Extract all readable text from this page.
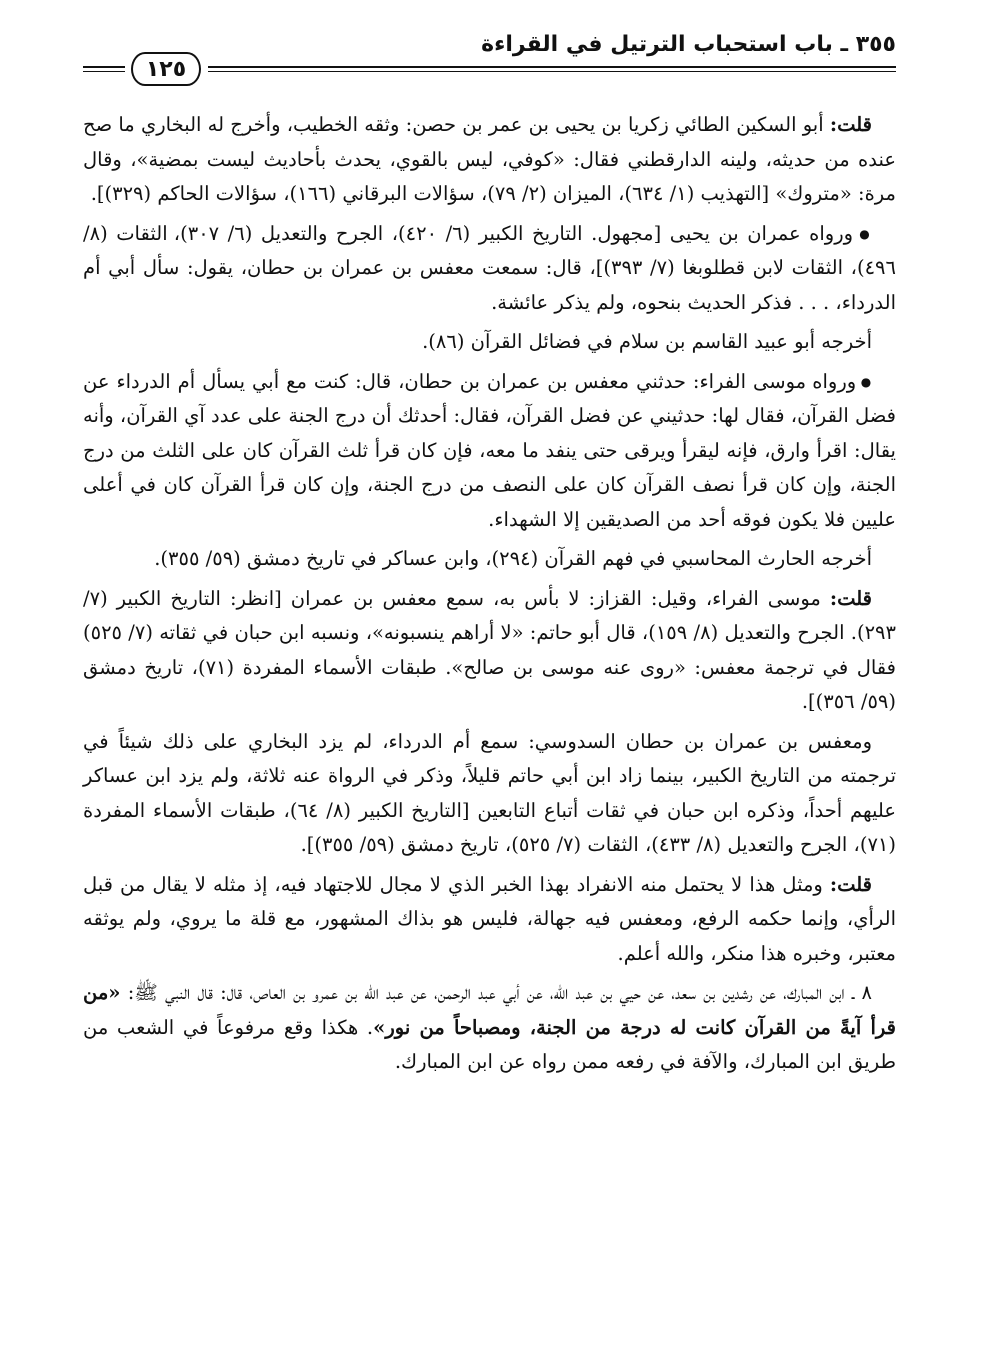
٣٥٥ ـ باب استحباب الترتيل في القراءة
١٢٥

قلت: أبو السكين الطائي زكريا بن يحيى بن عمر بن حصن: وثقه الخطيب، وأخرج له البخاري ما صح عنده من حديثه، ولينه الدارقطني فقال: «كوفي، ليس بالقوي، يحدث بأحاديث ليست بمضية»، وقال مرة: «متروك» [التهذيب (١/ ٦٣٤)، الميزان (٢/ ٧٩)، سؤالات البرقاني (١٦٦)، سؤالات الحاكم (٣٢٩)].

● ورواه عمران بن يحيى [مجهول. التاريخ الكبير (٦/ ٤٢٠)، الجرح والتعديل (٦/ ٣٠٧)، الثقات (٨/ ٤٩٦)، الثقات لابن قطلوبغا (٧/ ٣٩٣)]، قال: سمعت معفس بن عمران بن حطان، يقول: سأل أبي أم الدرداء، . . . فذكر الحديث بنحوه، ولم يذكر عائشة.

أخرجه أبو عبيد القاسم بن سلام في فضائل القرآن (٨٦).

● ورواه موسى الفراء: حدثني معفس بن عمران بن حطان، قال: كنت مع أبي يسأل أم الدرداء عن فضل القرآن، فقال لها: حدثيني عن فضل القرآن، فقال: أحدثك أن درج الجنة على عدد آي القرآن، وأنه يقال: اقرأ وارق، فإنه ليقرأ ويرقى حتى ينفد ما معه، فإن كان قرأ ثلث القرآن كان على الثلث من درج الجنة، وإن كان قرأ نصف القرآن كان على النصف من درج الجنة، وإن كان قرأ القرآن كان في أعلى عليين فلا يكون فوقه أحد من الصديقين إلا الشهداء.

أخرجه الحارث المحاسبي في فهم القرآن (٢٩٤)، وابن عساكر في تاريخ دمشق (٥٩/ ٣٥٥).

قلت: موسى الفراء، وقيل: القزاز: لا بأس به، سمع معفس بن عمران [انظر: التاريخ الكبير (٧/ ٢٩٣). الجرح والتعديل (٨/ ١٥٩)، قال أبو حاتم: «لا أراهم ينسبونه»، ونسبه ابن حبان في ثقاته (٧/ ٥٢٥) فقال في ترجمة معفس: «روى عنه موسى بن صالح». طبقات الأسماء المفردة (٧١)، تاريخ دمشق (٥٩/ ٣٥٦)].

ومعفس بن عمران بن حطان السدوسي: سمع أم الدرداء، لم يزد البخاري على ذلك شيئاً في ترجمته من التاريخ الكبير، بينما زاد ابن أبي حاتم قليلاً، وذكر في الرواة عنه ثلاثة، ولم يزد ابن عساكر عليهم أحداً، وذكره ابن حبان في ثقات أتباع التابعين [التاريخ الكبير (٨/ ٦٤)، طبقات الأسماء المفردة (٧١)، الجرح والتعديل (٨/ ٤٣٣)، الثقات (٧/ ٥٢٥)، تاريخ دمشق (٥٩/ ٣٥٥)].

قلت: ومثل هذا لا يحتمل منه الانفراد بهذا الخبر الذي لا مجال للاجتهاد فيه، إذ مثله لا يقال من قبل الرأي، وإنما حكمه الرفع، ومعفس فيه جهالة، فليس هو بذاك المشهور، مع قلة ما يروي، ولم يوثقه معتبر، وخبره هذا منكر، والله أعلم.

٨ ـ ابن المبارك، عن رشدين بن سعد، عن حيي بن عبد الله، عن أبي عبد الرحمن، عن عبد الله بن عمرو بن العاص، قال: قال النبي ﷺ: «من قرأ آيةً من القرآن كانت له درجة من الجنة، ومصباحاً من نور». هكذا وقع مرفوعاً في الشعب من طريق ابن المبارك، والآفة في رفعه ممن رواه عن ابن المبارك.
